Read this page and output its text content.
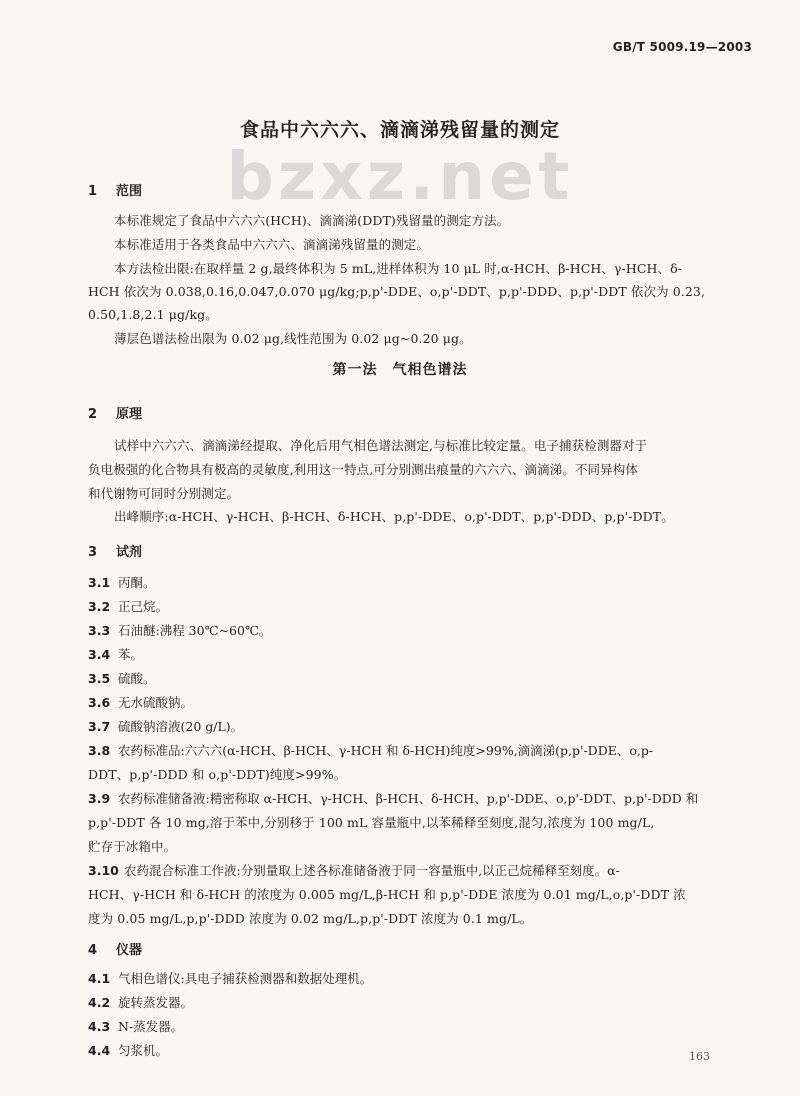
GB/T 5009.19—2003
bzxz.net
食品中六六六、滴滴涕残留量的测定
1 范围
本标准规定了食品中六六六(HCH)、滴滴涕(DDT)残留量的测定方法。
本标准适用于各类食品中六六六、滴滴涕残留量的测定。
本方法检出限:在取样量 2 g,最终体积为 5 mL,进样体积为 10 μL 时,α-HCH、β-HCH、γ-HCH、δ-
HCH 依次为 0.038,0.16,0.047,0.070 μg/kg;p,p'-DDE、o,p'-DDT、p,p'-DDD、p,p'-DDT 依次为 0.23,
0.50,1.8,2.1 μg/kg。
薄层色谱法检出限为 0.02 μg,线性范围为 0.02 μg~0.20 μg。
第一法　气相色谱法
2 原理
试样中六六六、滴滴涕经提取、净化后用气相色谱法测定,与标准比较定量。电子捕获检测器对于
负电极强的化合物具有极高的灵敏度,利用这一特点,可分别测出痕量的六六六、滴滴涕。不同异构体
和代谢物可同时分别测定。
出峰顺序:α-HCH、γ-HCH、β-HCH、δ-HCH、p,p'-DDE、o,p'-DDT、p,p'-DDD、p,p'-DDT。
3 试剂
3.1 丙酮。
3.2 正己烷。
3.3 石油醚:沸程 30℃~60℃。
3.4 苯。
3.5 硫酸。
3.6 无水硫酸钠。
3.7 硫酸钠溶液(20 g/L)。
3.8 农药标准品:六六六(α-HCH、β-HCH、γ-HCH 和 δ-HCH)纯度>99%,滴滴涕(p,p'-DDE、o,p-
DDT、p,p'-DDD 和 o,p'-DDT)纯度>99%。
3.9 农药标准储备液:精密称取 α-HCH、γ-HCH、β-HCH、δ-HCH、p,p'-DDE、o,p'-DDT、p,p'-DDD 和
p,p'-DDT 各 10 mg,溶于苯中,分别移于 100 mL 容量瓶中,以苯稀释至刻度,混匀,浓度为 100 mg/L,
贮存于冰箱中。
3.10 农药混合标准工作液:分别量取上述各标准储备液于同一容量瓶中,以正己烷稀释至刻度。α-
HCH、γ-HCH 和 δ-HCH 的浓度为 0.005 mg/L,β-HCH 和 p,p'-DDE 浓度为 0.01 mg/L,o,p'-DDT 浓
度为 0.05 mg/L,p,p'-DDD 浓度为 0.02 mg/L,p,p'-DDT 浓度为 0.1 mg/L。
4 仪器
4.1 气相色谱仪:具电子捕获检测器和数据处理机。
4.2 旋转蒸发器。
4.3 N-蒸发器。
4.4 匀浆机。	163
